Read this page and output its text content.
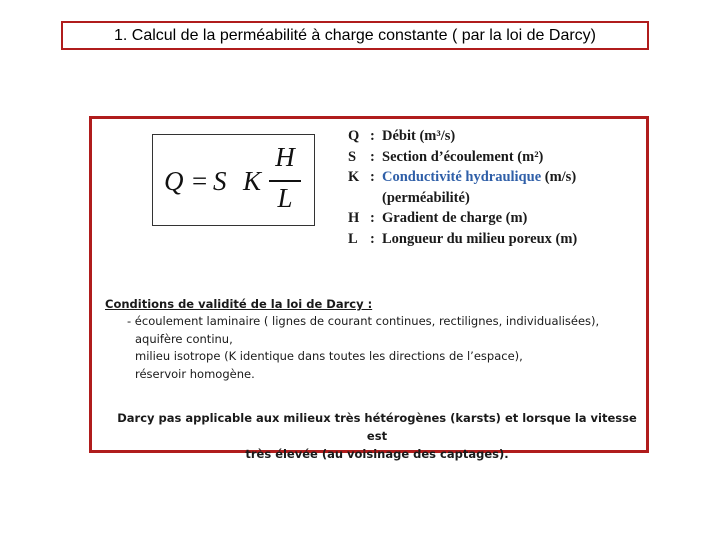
1. Calcul de la perméabilité à charge constante ( par la loi de Darcy)
Q = S K
H
L
Q : Débit (m³/s)
S : Section d’écoulement (m²)
K : Conductivité hydraulique (m/s)
(perméabilité)
H : Gradient de charge (m)
L : Longueur du milieu poreux (m)
Conditions de validité de la loi de Darcy :
- écoulement laminaire ( lignes de courant continues, rectilignes, individualisées),
aquifère continu,
milieu isotrope (K identique dans toutes les directions de l’espace),
réservoir homogène.
Darcy pas applicable aux milieux très hétérogènes (karsts) et lorsque la vitesse est
très élevée (au voisinage des captages).
